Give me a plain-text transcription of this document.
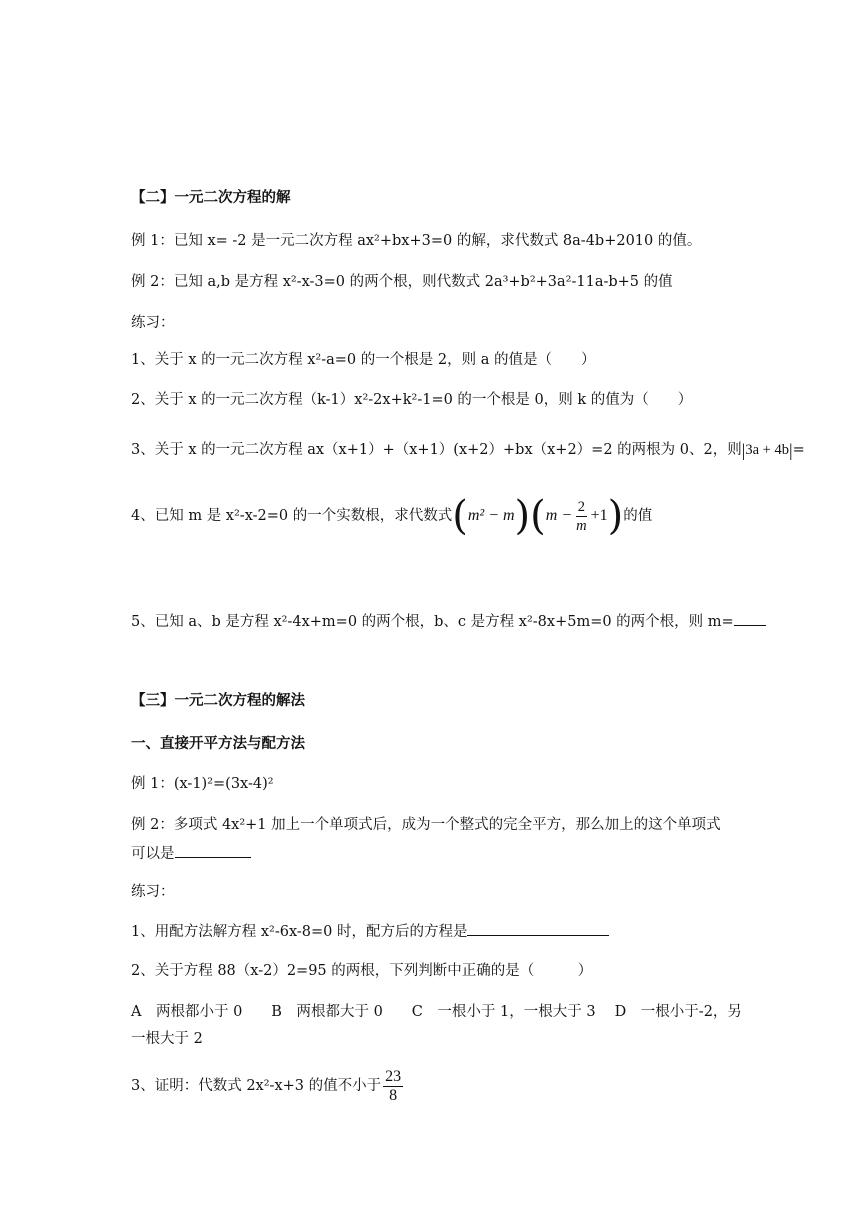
【二】一元二次方程的解
例 1：已知 x= -2 是一元二次方程 ax²+bx+3=0 的解，求代数式 8a-4b+2010 的值。
例 2：已知 a,b 是方程 x²-x-3=0 的两个根，则代数式 2a³+b²+3a²-11a-b+5 的值
练习：
1、关于 x 的一元二次方程 x²-a=0 的一个根是 2，则 a 的值是（　　）
2、关于 x 的一元二次方程（k-1）x²-2x+k²-1=0 的一个根是 0，则 k 的值为（　　）
3、关于 x 的一元二次方程 ax（x+1）+（x+1）(x+2）+bx（x+2）=2 的两根为 0、2，则|3a + 4b|=
4、已知 m 是 x²-x-2=0 的一个实数根，求代数式 ( m² − m ) ( $m - \frac{2}{m} +1$ ) 的值
5、已知 a、b 是方程 x²-4x+m=0 的两个根，b、c 是方程 x²-8x+5m=0 的两个根，则 m=
【三】一元二次方程的解法
一、直接开平方法与配方法
例 1：(x-1)²=(3x-4)²
例 2：多项式 4x²+1 加上一个单项式后，成为一个整式的完全平方，那么加上的这个单项式
可以是
练习：
1、用配方法解方程 x²-6x-8=0 时，配方后的方程是
2、关于方程 88（x-2）2=95 的两根，下列判断中正确的是（　　　）
A　两根都小于 0　　B　两根都大于 0　　C　一根小于 1，一根大于 3　 D　一根小于-2，另
一根大于 2
3、证明：代数式 2x²-x+3 的值不小于 $\frac{23}{8}$
